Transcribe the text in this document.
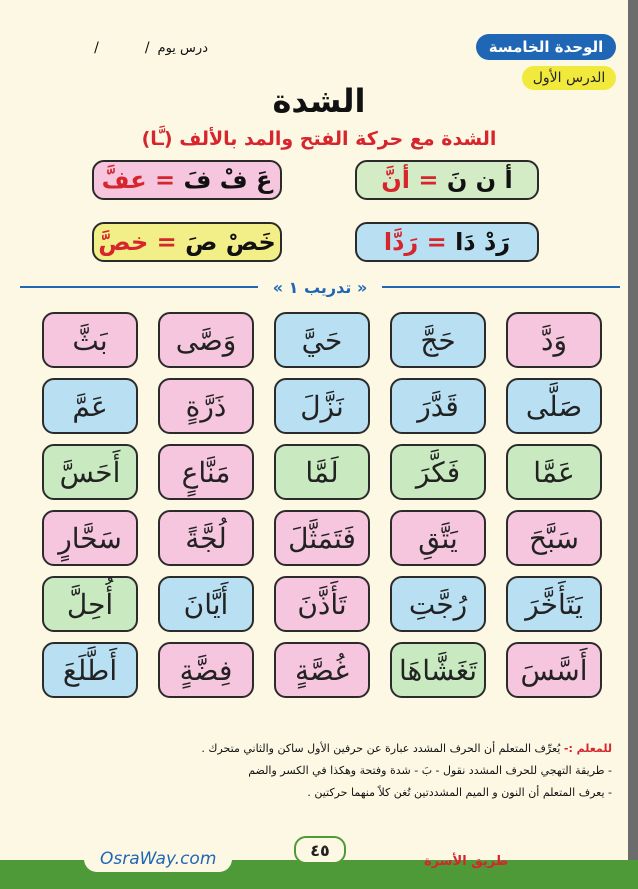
الوحدة الخامسة
الدرس الأول
درس يوم
/
/
الشدة
الشدة مع حركة الفتح والمد بالألف (ـَّا)
أ ن نَ

= أنَّ
عَ فْ فَ

= عفَّ
رَدْ دَا

= رَدَّا
خَصْ صَ

= خصَّ
« تدريب ١ »
وَدَّ
حَجَّ
حَيَّ
وَصَّى
بَثَّ
صَلَّى
قَدَّرَ
نَزَّلَ
ذَرَّةٍ
عَمَّ
عَمَّا
فَكَّرَ
لَمَّا
مَنَّاعٍ
أَحَسَّ
سَبَّحَ
يَتَّقِ
فَتَمَثَّلَ
لُجَّةً
سَحَّارٍ
يَتَأَخَّرَ
رُجَّتِ
تَأَذَّنَ
أَيَّانَ
أُحِلَّ
أَسَّسَ
تَغَشَّاهَا
غُصَّةٍ
فِضَّةٍ
أَطَّلَعَ
للمعلم :- يُعرِّف المتعلم أن الحرف المشدد عبارة عن حرفين الأول ساكن والثاني متحرك .
- طريقة التهجي للحرف المشدد نقول - بَ - شدة وفتحة وهكذا في الكسر والضم
- يعرف المتعلم أن النون و الميم المشددتين تُغن كلاً منهما حركتين .
OsraWay.com	طريق الأسرة
٤٥
